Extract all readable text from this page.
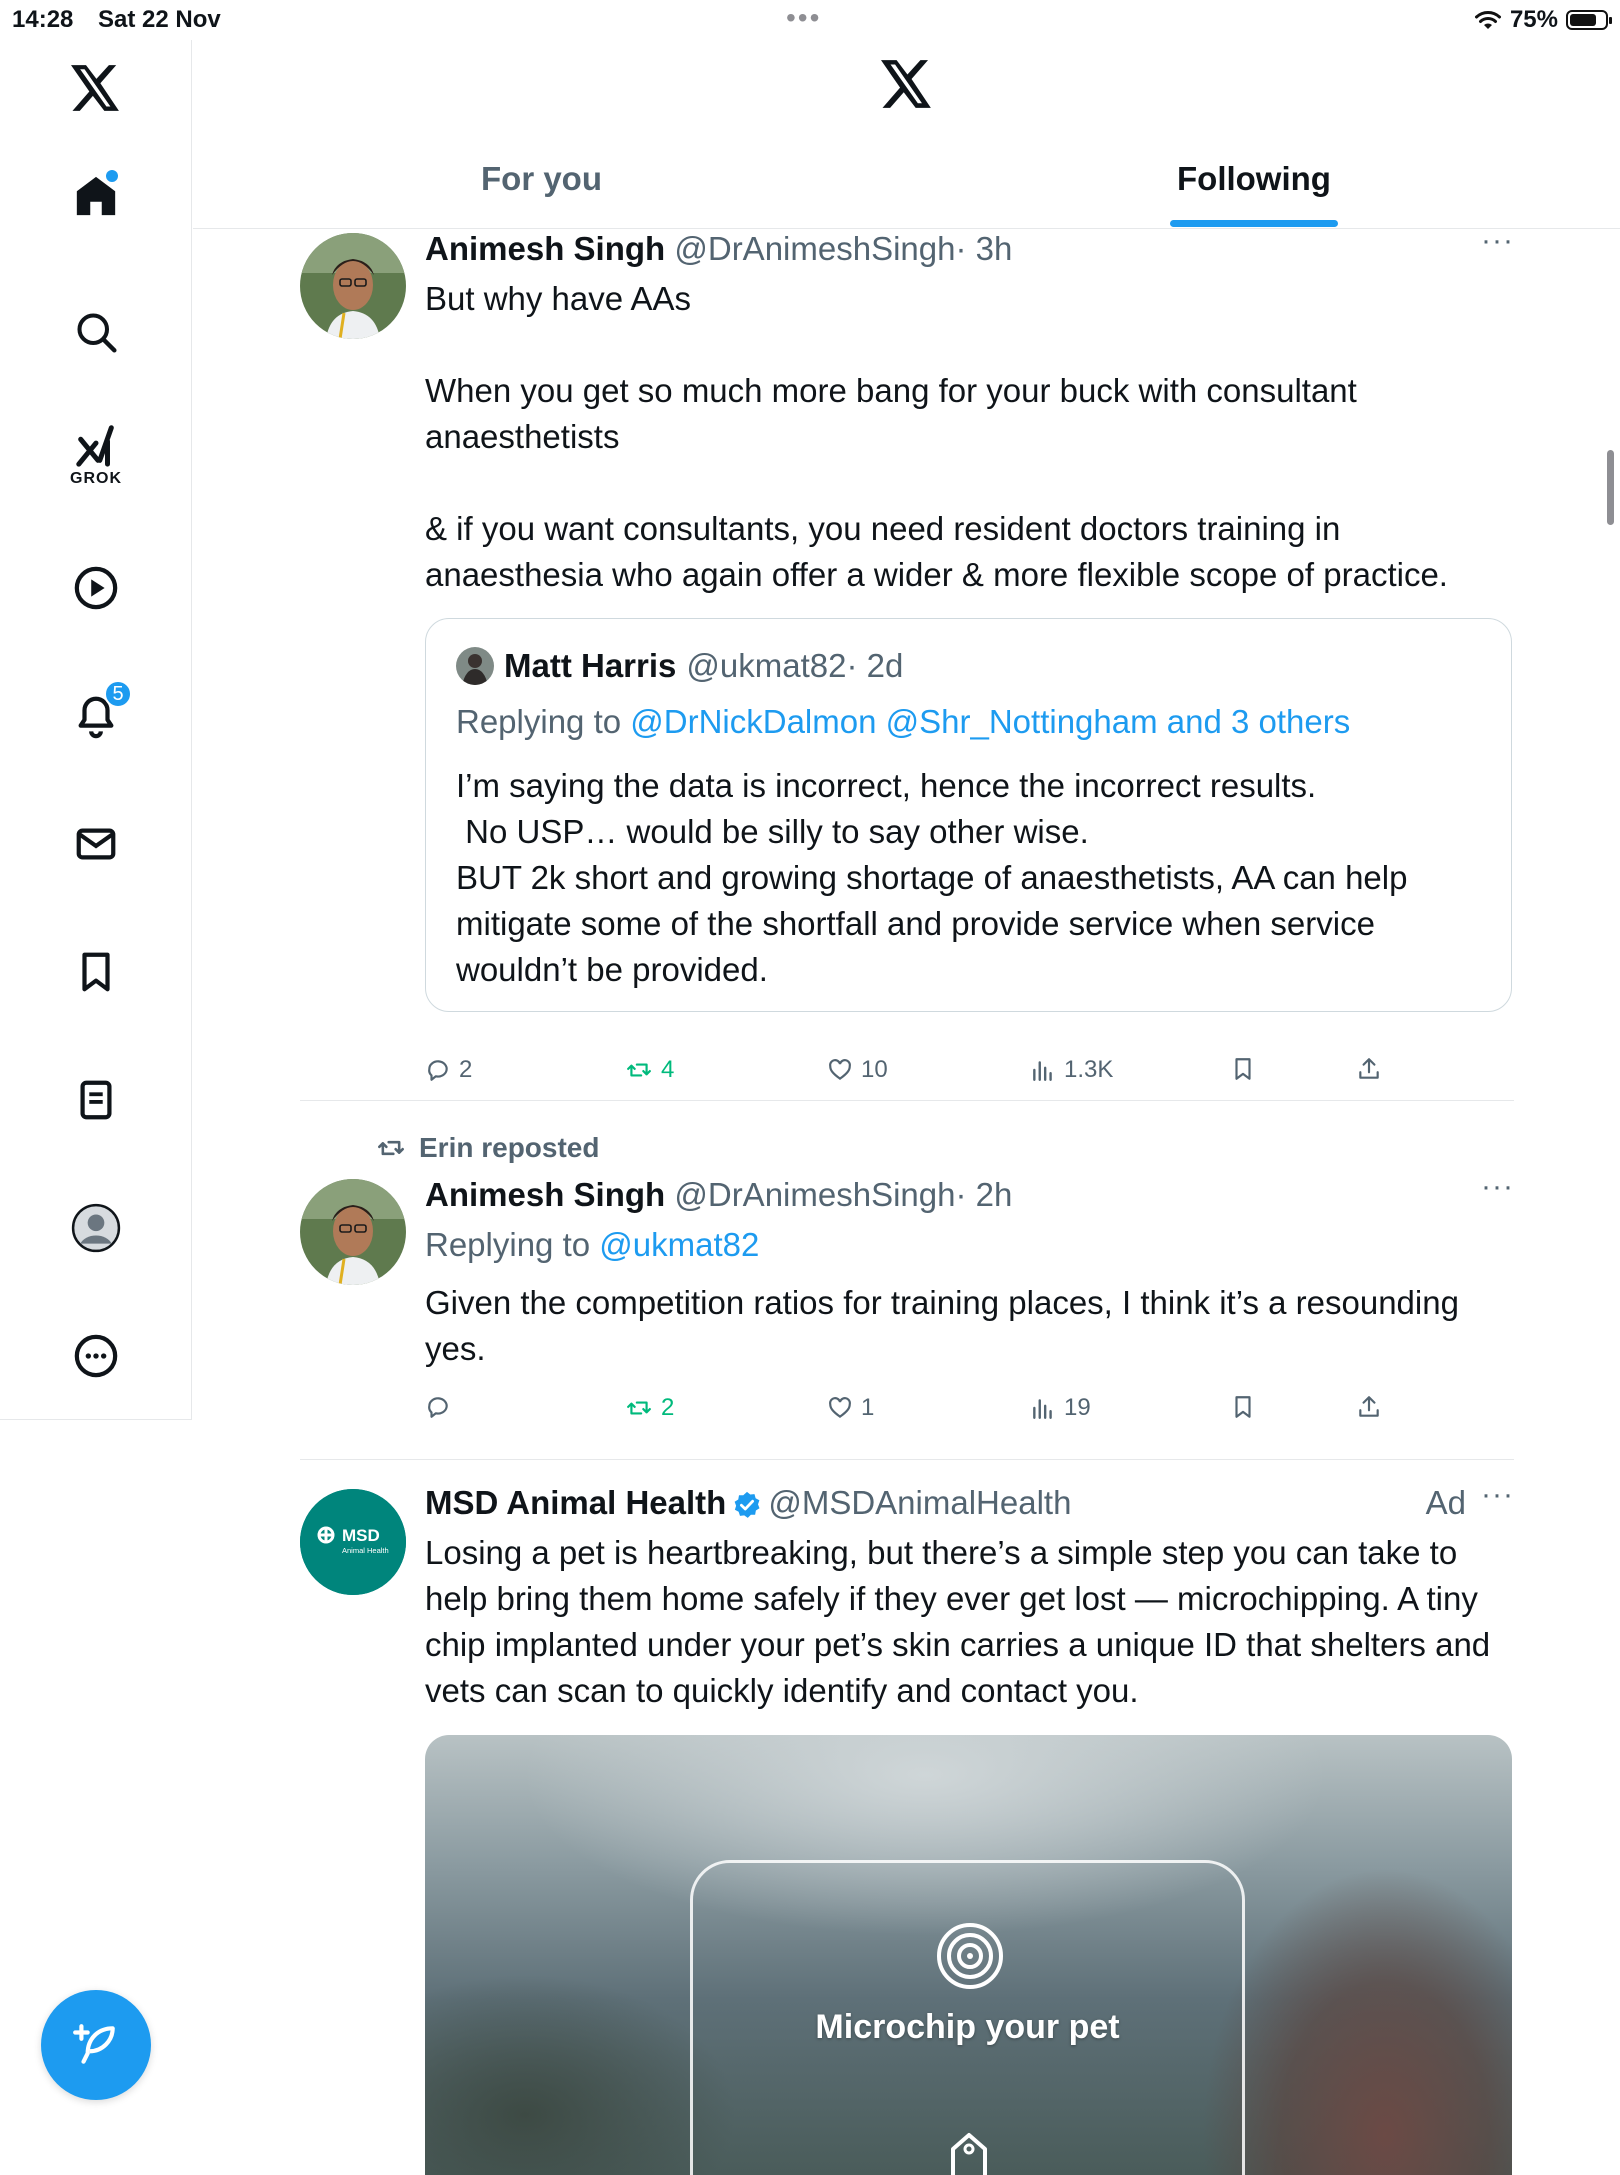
14:28 Sat 22 Nov	•••	75%
GROK
5
For you	Following
Animesh Singh @DrAnimeshSingh· 3h	···

But why have AAs

When you get so much more bang for your buck with consultant anaesthetists

& if you want consultants, you need resident doctors training in anaesthesia who again offer a wider & more flexible scope of practice.

Matt Harris @ukmat82 · 2d
Replying to @DrNickDalmon @Shr_Nottingham and 3 others
I’m saying the data is incorrect, hence the incorrect results.
No USP… would be silly to say other wise.
BUT 2k short and growing shortage of anaesthetists, AA can help mitigate some of the shortfall and provide service when service wouldn’t be provided.
2	4	10	1.3K
Erin reposted
Animesh Singh @DrAnimeshSingh· 2h	···
Replying to @ukmat82
Given the competition ratios for training places, I think it’s a resounding yes.
2	1	19
MSD
Animal Health
MSD Animal Health @MSDAnimalHealth	Ad ···
Losing a pet is heartbreaking, but there’s a simple step you can take to help bring them home safely if they ever get lost — microchipping. A tiny chip implanted under your pet’s skin carries a unique ID that shelters and vets can scan to quickly identify and contact you.
Microchip your pet
